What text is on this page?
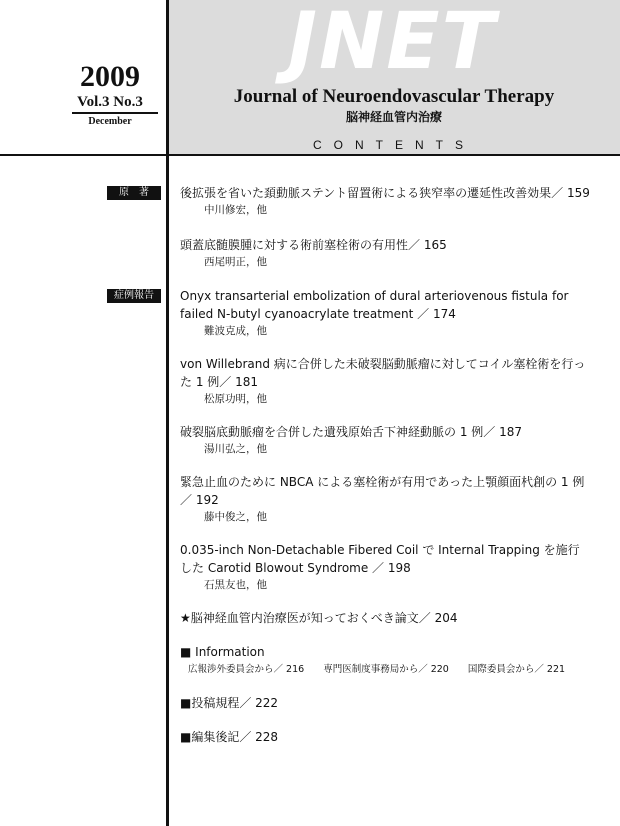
JNET
Journal of Neuroendovascular Therapy
脳神経血管内治療
CONTENTS
2009
Vol.3 No.3
December
原　著
症例報告
後拡張を省いた頚動脈ステント留置術による狭窄率の遷延性改善効果／ 159
中川修宏，他
頭蓋底髄膜腫に対する術前塞栓術の有用性／ 165
西尾明正，他
Onyx transarterial embolization of dural arteriovenous fistula for failed N-butyl cyanoacrylate treatment ／ 174
難波克成，他
von Willebrand 病に合併した未破裂脳動脈瘤に対してコイル塞栓術を行った 1 例／ 181
松原功明，他
破裂脳底動脈瘤を合併した遺残原始舌下神経動脈の 1 例／ 187
湯川弘之，他
緊急止血のために NBCA による塞栓術が有用であった上顎顔面杙創の 1 例／ 192
藤中俊之，他
0.035-inch Non-Detachable Fibered Coil で Internal Trapping を施行した Carotid Blowout Syndrome ／ 198
石黒友也，他
★脳神経血管内治療医が知っておくべき論文／ 204
■ Information
広報渉外委員会から／ 216 専門医制度事務局から／ 220 国際委員会から／ 221
■投稿規程／ 222
■編集後記／ 228
